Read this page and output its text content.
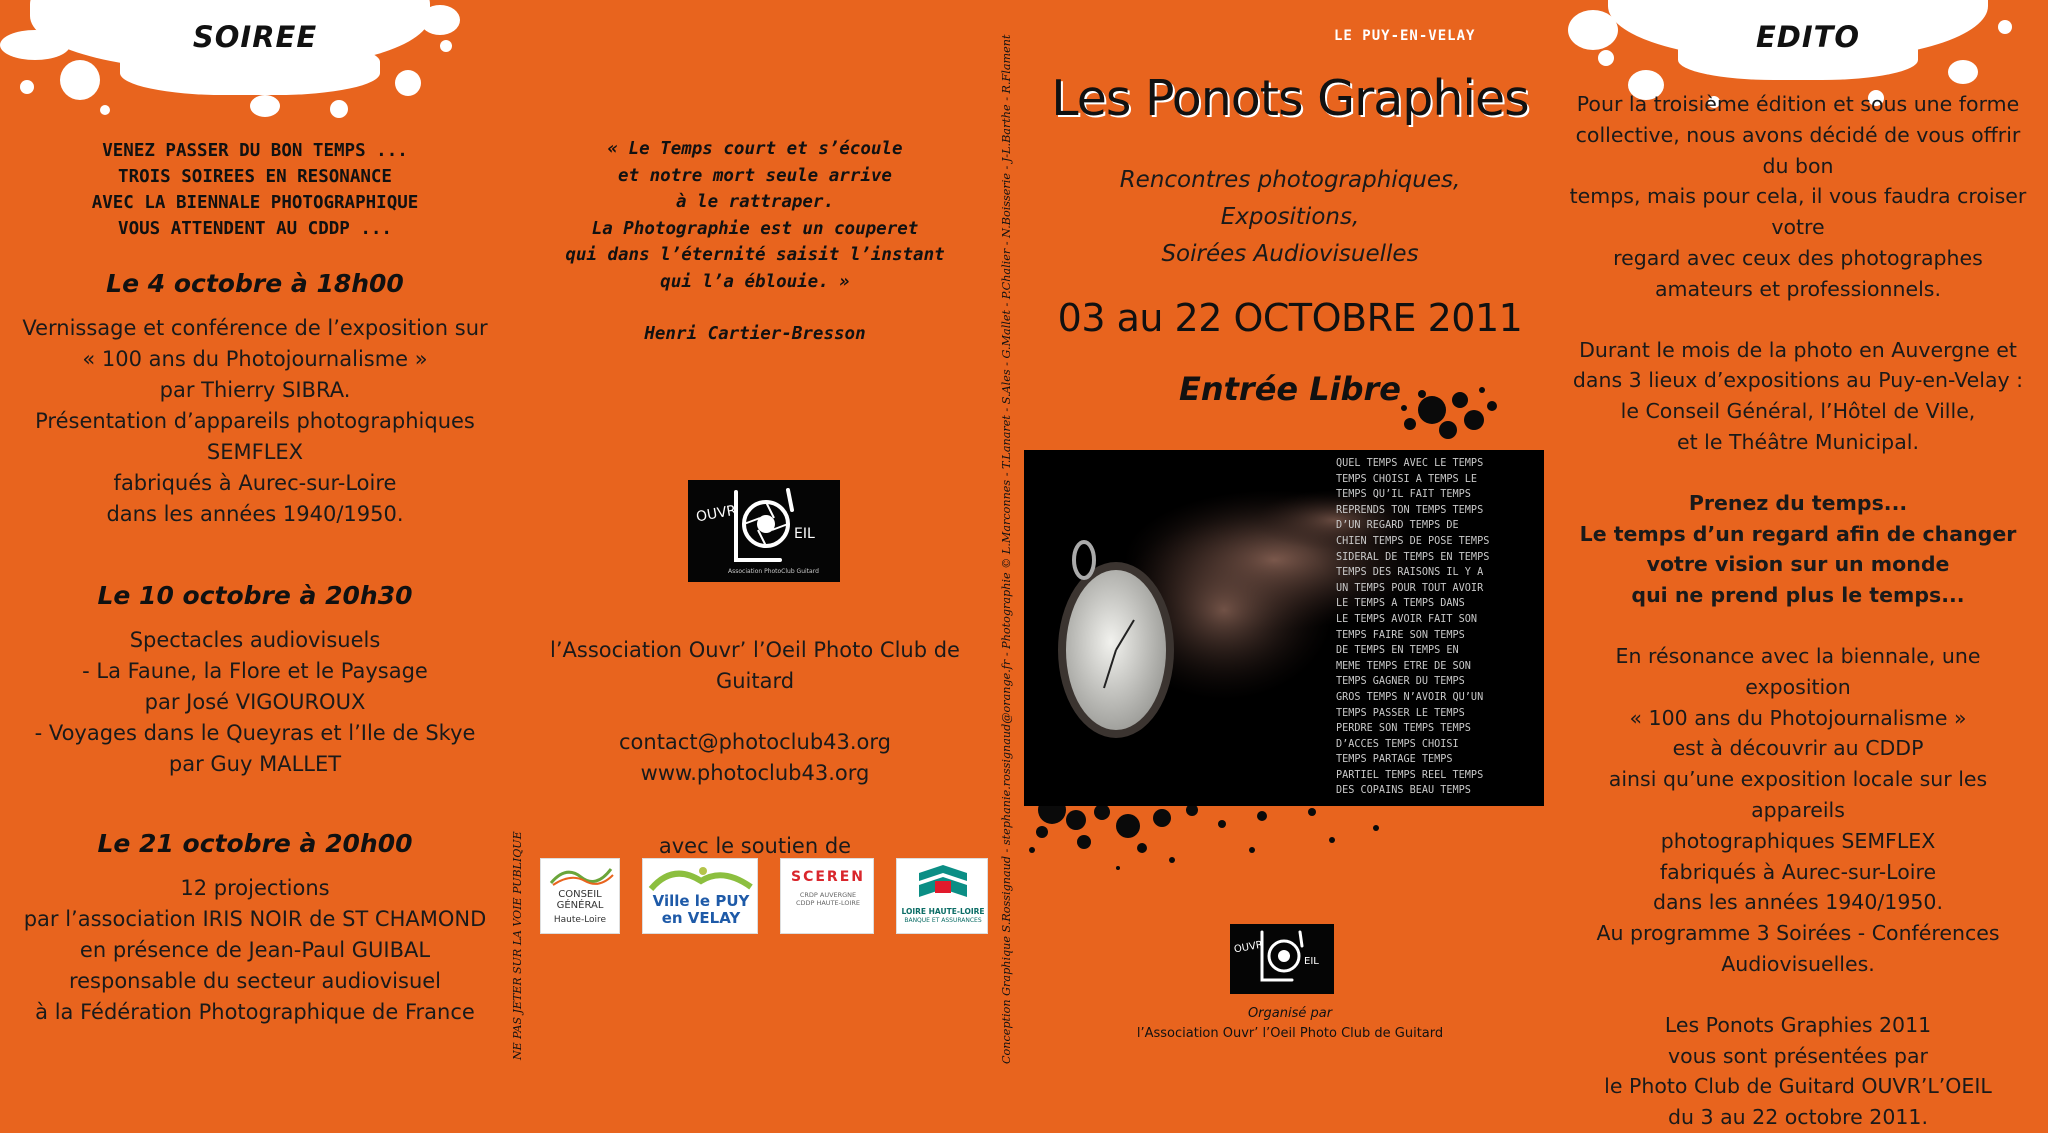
SOIREE

VENEZ PASSER DU BON TEMPS ...

TROIS SOIREES EN RESONANCE

AVEC LA BIENNALE PHOTOGRAPHIQUE

VOUS ATTENDENT AU CDDP ...

Le 4 octobre à 18h00

Vernissage et conférence de l’exposition sur

« 100 ans du Photojournalisme »

par Thierry SIBRA.

Présentation d’appareils photographiques

SEMFLEX

fabriqués à Aurec-sur-Loire

dans les années 1940/1950.

Le 10 octobre à 20h30

Spectacles audiovisuels

- La Faune, la Flore et le Paysage

par José VIGOUROUX

- Voyages dans le Queyras et l’Ile de Skye

par Guy MALLET

Le 21 octobre à 20h00

12 projections

par l’association IRIS NOIR de ST CHAMOND

en présence de Jean-Paul GUIBAL

responsable du secteur audiovisuel

à la Fédération Photographique de France

« Le Temps court et s’écoule

et notre mort seule arrive

à le rattraper.

La Photographie est un couperet

qui dans l’éternité saisit l’instant

qui l’a éblouie. »

Henri Cartier-Bresson

OUVR
EIL
Association PhotoClub Guitard

l’Association Ouvr’ l’Oeil Photo Club de Guitard

contact@photoclub43.org

www.photoclub43.org

avec le soutien de

CONSEIL GÉNÉRAL
Haute-Loire
Ville le PUY en VELAY
SCEREN
CRDP AUVERGNE CDDP HAUTE-LOIRE
LOIRE HAUTE-LOIRE
BANQUE ET ASSURANCES
NE PAS JETER SUR LA VOIE PUBLIQUE	Conception Graphique S.Rossignaud - stephanie.rossignaud@orange.fr - Photographie © L.Marconnes - T.Lanaret - S.Ales - G.Mallet - P.Chalier - N.Boisserie - J-L.Barthe - R.Flament	LE PUY-EN-VELAY
Les Ponots Graphies

Rencontres photographiques,

Expositions,

Soirées Audiovisuelles

03 au 22 OCTOBRE 2011
Entrée Libre
QUEL TEMPS AVEC LE TEMPS
TEMPS CHOISI A TEMPS LE
TEMPS QU’IL FAIT TEMPS
REPRENDS TON TEMPS TEMPS
D’UN REGARD TEMPS DE
CHIEN TEMPS DE POSE TEMPS
SIDERAL DE TEMPS EN TEMPS
TEMPS DES RAISONS IL Y A
UN TEMPS POUR TOUT AVOIR
LE TEMPS A TEMPS DANS
LE TEMPS AVOIR FAIT SON
TEMPS FAIRE SON TEMPS
DE TEMPS EN TEMPS EN
MEME TEMPS ETRE DE SON
TEMPS GAGNER DU TEMPS
GROS TEMPS N’AVOIR QU’UN
TEMPS PASSER LE TEMPS
PERDRE SON TEMPS TEMPS
D’ACCES TEMPS CHOISI
TEMPS PARTAGE TEMPS
PARTIEL TEMPS REEL TEMPS
DES COPAINS BEAU TEMPS
OUVR
EIL

Organisé par

l’Association Ouvr’ l’Oeil Photo Club de Guitard

EDITO

Pour la troisième édition et sous une forme

collective, nous avons décidé de vous offrir du bon

temps, mais pour cela, il vous faudra croiser votre

regard avec ceux des photographes

amateurs et professionnels.

Durant le mois de la photo en Auvergne et

dans 3 lieux d’expositions au Puy-en-Velay :

le Conseil Général, l’Hôtel de Ville,

et le Théâtre Municipal.

Prenez du temps...

Le temps d’un regard afin de changer

votre vision sur un monde

qui ne prend plus le temps...

En résonance avec la biennale, une exposition

« 100 ans du Photojournalisme »

est à découvrir au CDDP

ainsi qu’une exposition locale sur les appareils

photographiques SEMFLEX

fabriqués à Aurec-sur-Loire

dans les années 1940/1950.

Au programme 3 Soirées - Conférences

Audiovisuelles.

Les Ponots Graphies 2011

vous sont présentées par

le Photo Club de Guitard OUVR’L’OEIL

du 3 au 22 octobre 2011.
